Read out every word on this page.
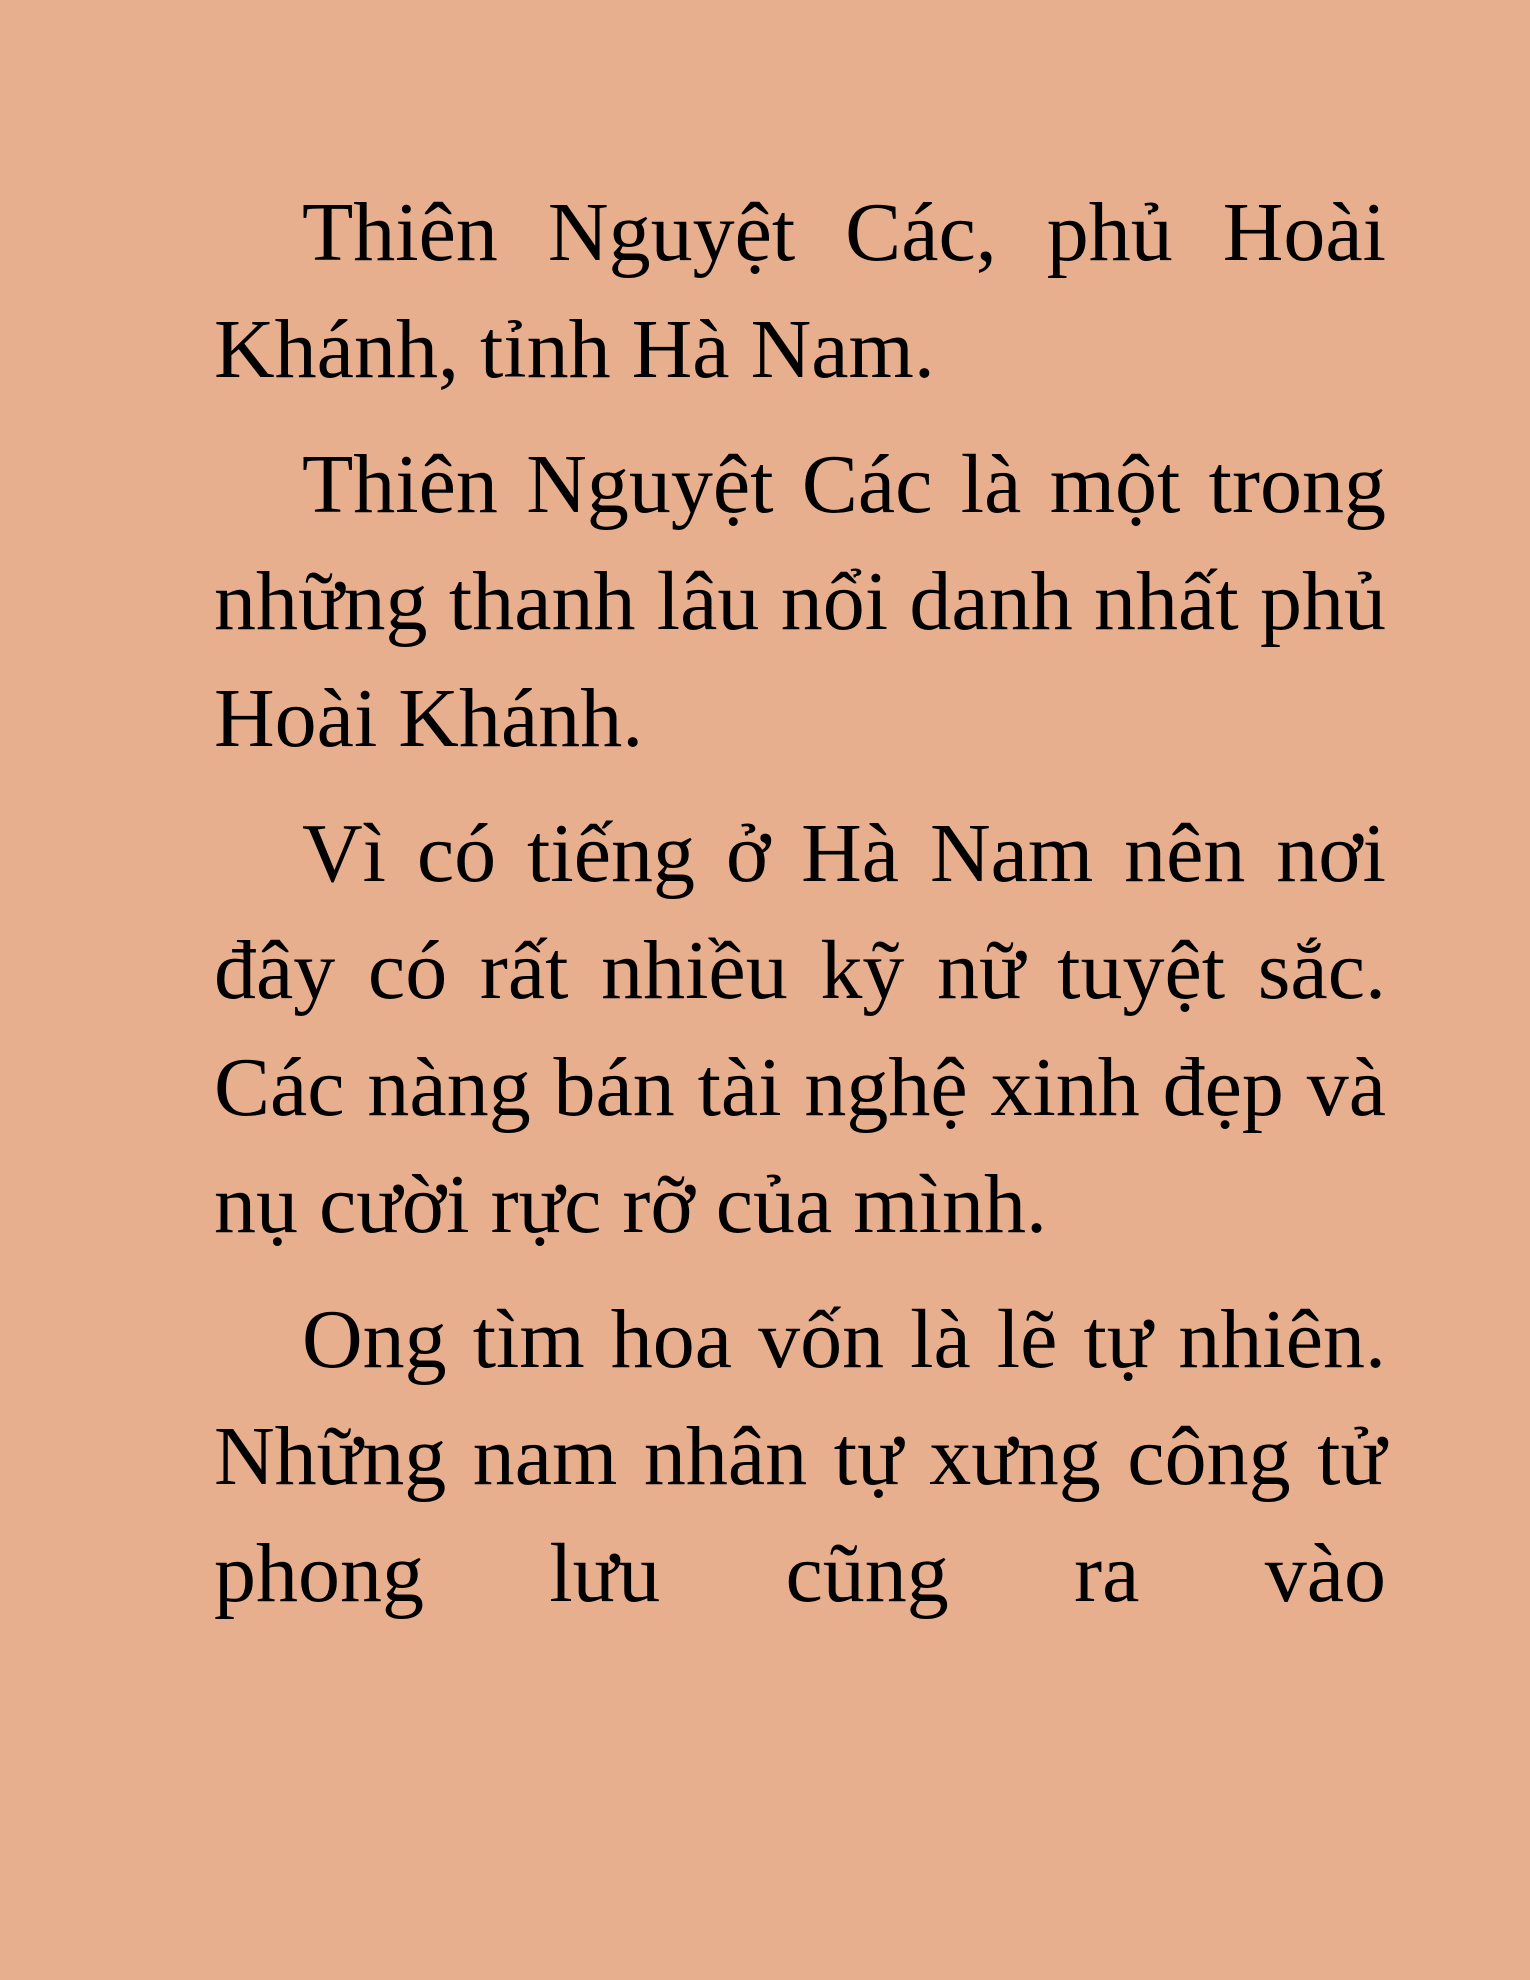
Thiên Nguyệt Các, phủ Hoài Khánh, tỉnh Hà Nam.

Thiên Nguyệt Các là một trong những thanh lâu nổi danh nhất phủ Hoài Khánh.

Vì có tiếng ở Hà Nam nên nơi đây có rất nhiều kỹ nữ tuyệt sắc. Các nàng bán tài nghệ xinh đẹp và nụ cười rực rỡ của mình.

Ong tìm hoa vốn là lẽ tự nhiên. Những nam nhân tự xưng công tử phong lưu cũng ra vào
